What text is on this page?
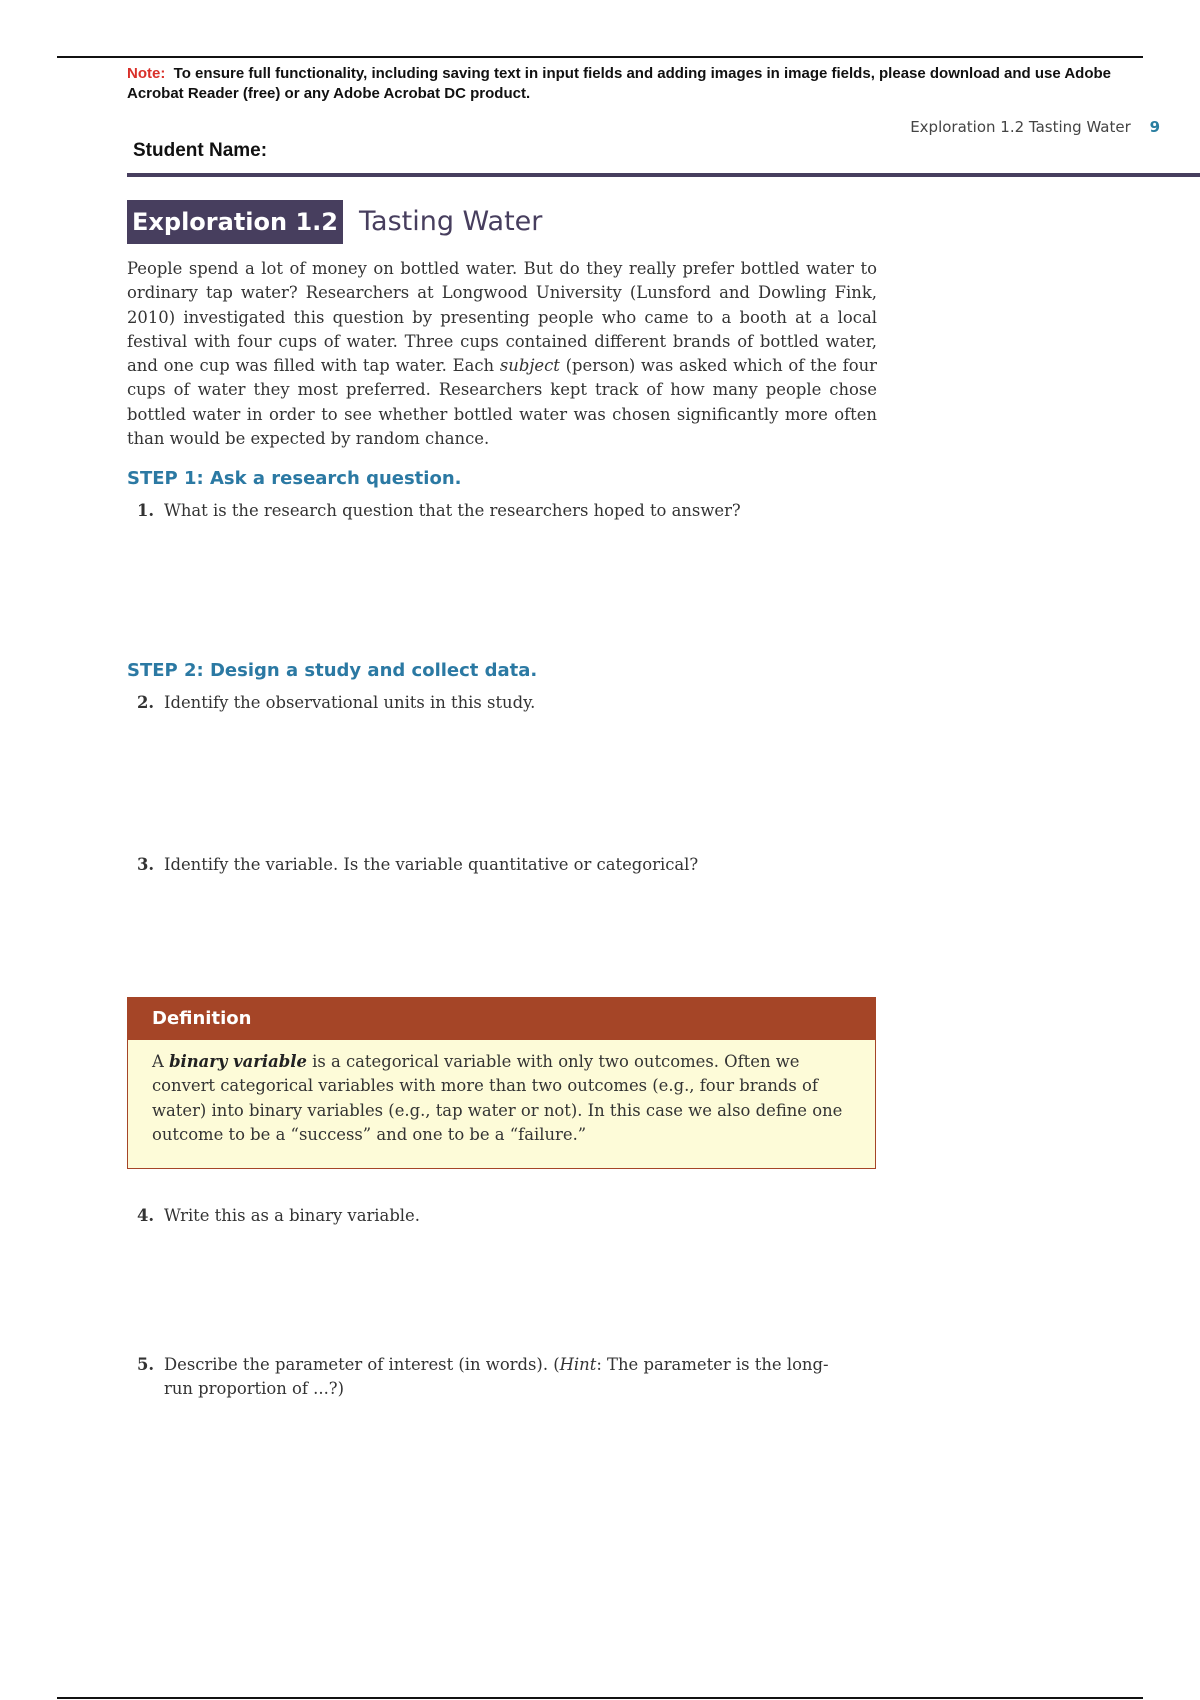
Note: To ensure full functionality, including saving text in input fields and adding images in image fields, please download and use Adobe Acrobat Reader (free) or any Adobe Acrobat DC product.
Exploration 1.2 Tasting Water 9
Student Name:
Exploration 1.2 Tasting Water
People spend a lot of money on bottled water. But do they really prefer bottled water to ordinary tap water? Researchers at Longwood University (Lunsford and Dowling Fink, 2010) investigated this question by presenting people who came to a booth at a local festival with four cups of water. Three cups contained different brands of bottled water, and one cup was filled with tap water. Each subject (person) was asked which of the four cups of water they most preferred. Researchers kept track of how many people chose bottled water in order to see whether bottled water was chosen significantly more often than would be expected by random chance.
STEP 1: Ask a research question.
1. What is the research question that the researchers hoped to answer?
STEP 2: Design a study and collect data.
2. Identify the observational units in this study.
3. Identify the variable. Is the variable quantitative or categorical?
Definition
A binary variable is a categorical variable with only two outcomes. Often we convert categorical variables with more than two outcomes (e.g., four brands of water) into binary variables (e.g., tap water or not). In this case we also define one outcome to be a “success” and one to be a “failure.”
4. Write this as a binary variable.
5. Describe the parameter of interest (in words). (Hint: The parameter is the long-run proportion of ...?)
